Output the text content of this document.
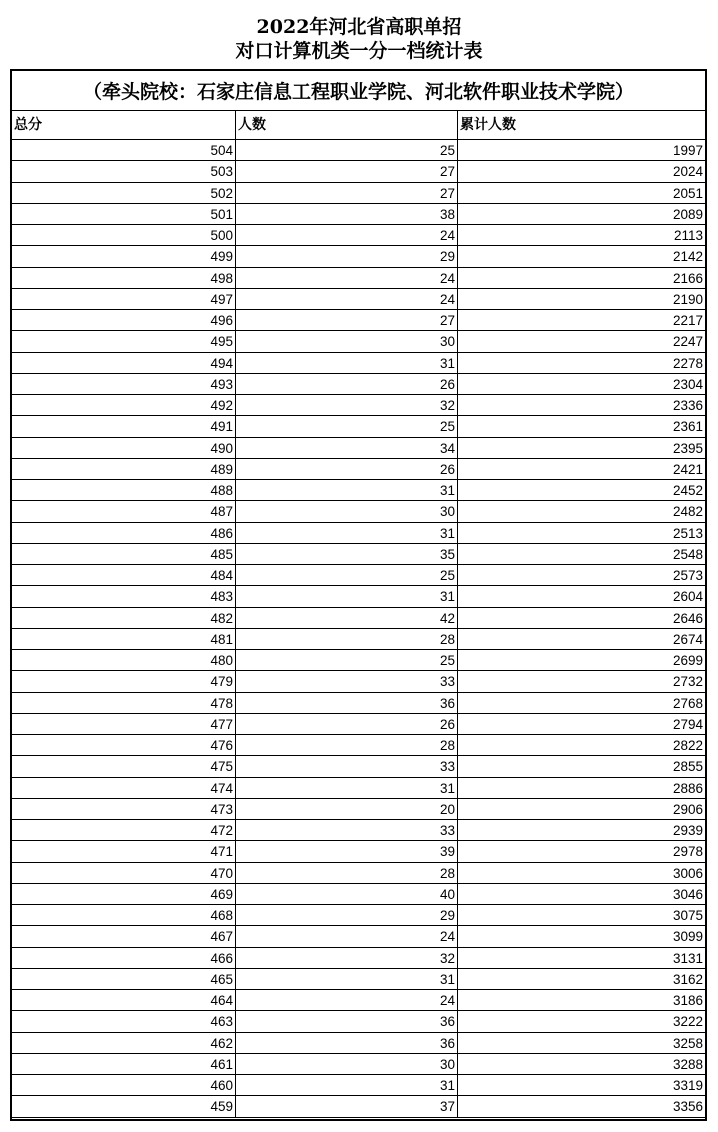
2022年河北省高职单招
对口计算机类一分一档统计表
（牵头院校：石家庄信息工程职业学院、河北软件职业技术学院）
总分	人数	累计人数
504	25	1997
503	27	2024
502	27	2051
501	38	2089
500	24	2113
499	29	2142
498	24	2166
497	24	2190
496	27	2217
495	30	2247
494	31	2278
493	26	2304
492	32	2336
491	25	2361
490	34	2395
489	26	2421
488	31	2452
487	30	2482
486	31	2513
485	35	2548
484	25	2573
483	31	2604
482	42	2646
481	28	2674
480	25	2699
479	33	2732
478	36	2768
477	26	2794
476	28	2822
475	33	2855
474	31	2886
473	20	2906
472	33	2939
471	39	2978
470	28	3006
469	40	3046
468	29	3075
467	24	3099
466	32	3131
465	31	3162
464	24	3186
463	36	3222
462	36	3258
461	30	3288
460	31	3319
459	37	3356
